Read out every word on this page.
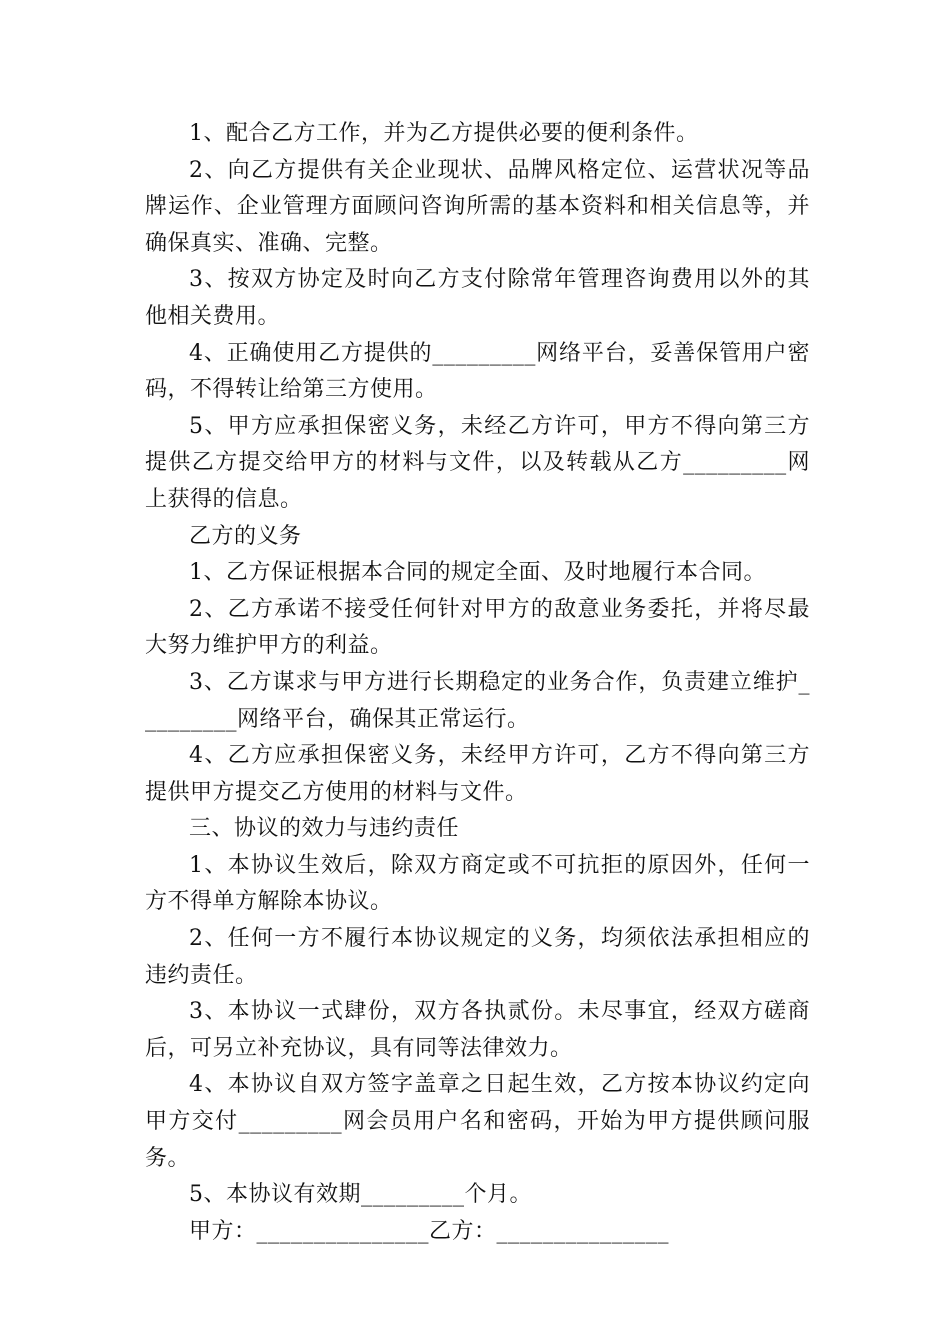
1、配合乙方工作，并为乙方提供必要的便利条件。

2、向乙方提供有关企业现状、品牌风格定位、运营状况等品牌运作、企业管理方面顾问咨询所需的基本资料和相关信息等，并确保真实、准确、完整。

3、按双方协定及时向乙方支付除常年管理咨询费用以外的其他相关费用。

4、正确使用乙方提供的_________网络平台，妥善保管用户密码，不得转让给第三方使用。

5、甲方应承担保密义务，未经乙方许可，甲方不得向第三方提供乙方提交给甲方的材料与文件，以及转载从乙方_________网上获得的信息。

乙方的义务

1、乙方保证根据本合同的规定全面、及时地履行本合同。

2、乙方承诺不接受任何针对甲方的敌意业务委托，并将尽最大努力维护甲方的利益。

3、乙方谋求与甲方进行长期稳定的业务合作，负责建立维护_________网络平台，确保其正常运行。

4、乙方应承担保密义务，未经甲方许可，乙方不得向第三方提供甲方提交乙方使用的材料与文件。

三、协议的效力与违约责任

1、本协议生效后，除双方商定或不可抗拒的原因外，任何一方不得单方解除本协议。

2、任何一方不履行本协议规定的义务，均须依法承担相应的违约责任。

3、本协议一式肆份，双方各执贰份。未尽事宜，经双方磋商后，可另立补充协议，具有同等法律效力。

4、本协议自双方签字盖章之日起生效，乙方按本协议约定向甲方交付_________网会员用户名和密码，开始为甲方提供顾问服务。

5、本协议有效期_________个月。

甲方：_______________乙方：_______________
